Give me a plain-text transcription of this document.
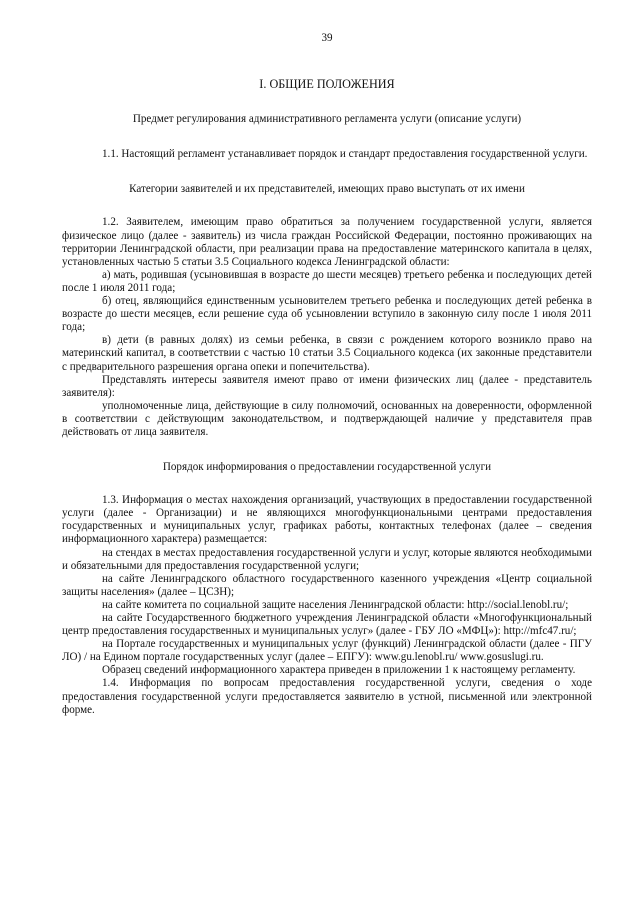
39
I. ОБЩИЕ ПОЛОЖЕНИЯ
Предмет регулирования административного регламента услуги (описание услуги)

1.1. Настоящий регламент устанавливает порядок и стандарт предоставления государственной услуги.

Категории заявителей и их представителей, имеющих право выступать от их имени

1.2. Заявителем, имеющим право обратиться за получением государственной услуги, является физическое лицо (далее - заявитель) из числа граждан Российской Федерации, постоянно проживающих на территории Ленинградской области, при реализации права на предоставление материнского капитала в целях, установленных частью 5 статьи 3.5 Социального кодекса Ленинградской области:

а) мать, родившая (усыновившая в возрасте до шести месяцев) третьего ребенка и последующих детей после 1 июля 2011 года;

б) отец, являющийся единственным усыновителем третьего ребенка и последующих детей ребенка в возрасте до шести месяцев, если решение суда об усыновлении вступило в законную силу после 1 июля 2011 года;

в) дети (в равных долях) из семьи ребенка, в связи с рождением которого возникло право на материнский капитал, в соответствии с частью 10 статьи 3.5 Социального кодекса (их законные представители с предварительного разрешения органа опеки и попечительства).

Представлять интересы заявителя имеют право от имени физических лиц (далее - представитель заявителя):

уполномоченные лица, действующие в силу полномочий, основанных на доверенности, оформленной в соответствии с действующим законодательством, и подтверждающей наличие у представителя прав действовать от лица заявителя.

Порядок информирования о предоставлении государственной услуги

1.3. Информация о местах нахождения организаций, участвующих в предоставлении государственной услуги (далее - Организации) и не являющихся многофункциональными центрами предоставления государственных и муниципальных услуг, графиках работы, контактных телефонах (далее – сведения информационного характера) размещается:

на стендах в местах предоставления государственной услуги и услуг, которые являются необходимыми и обязательными для предоставления государственной услуги;

на сайте Ленинградского областного государственного казенного учреждения «Центр социальной защиты населения» (далее – ЦСЗН);

на сайте комитета по социальной защите населения Ленинградской области: http://social.lenobl.ru/;

на сайте Государственного бюджетного учреждения Ленинградской области «Многофункциональный центр предоставления государственных и муниципальных услуг» (далее - ГБУ ЛО «МФЦ»): http://mfc47.ru/;

на Портале государственных и муниципальных услуг (функций) Ленинградской области (далее - ПГУ ЛО) / на Едином портале государственных услуг (далее – ЕПГУ): www.gu.lenobl.ru/ www.gosuslugi.ru.

Образец сведений информационного характера приведен в приложении 1 к настоящему регламенту.

1.4. Информация по вопросам предоставления государственной услуги, сведения о ходе предоставления государственной услуги предоставляется заявителю в устной, письменной или электронной форме.
